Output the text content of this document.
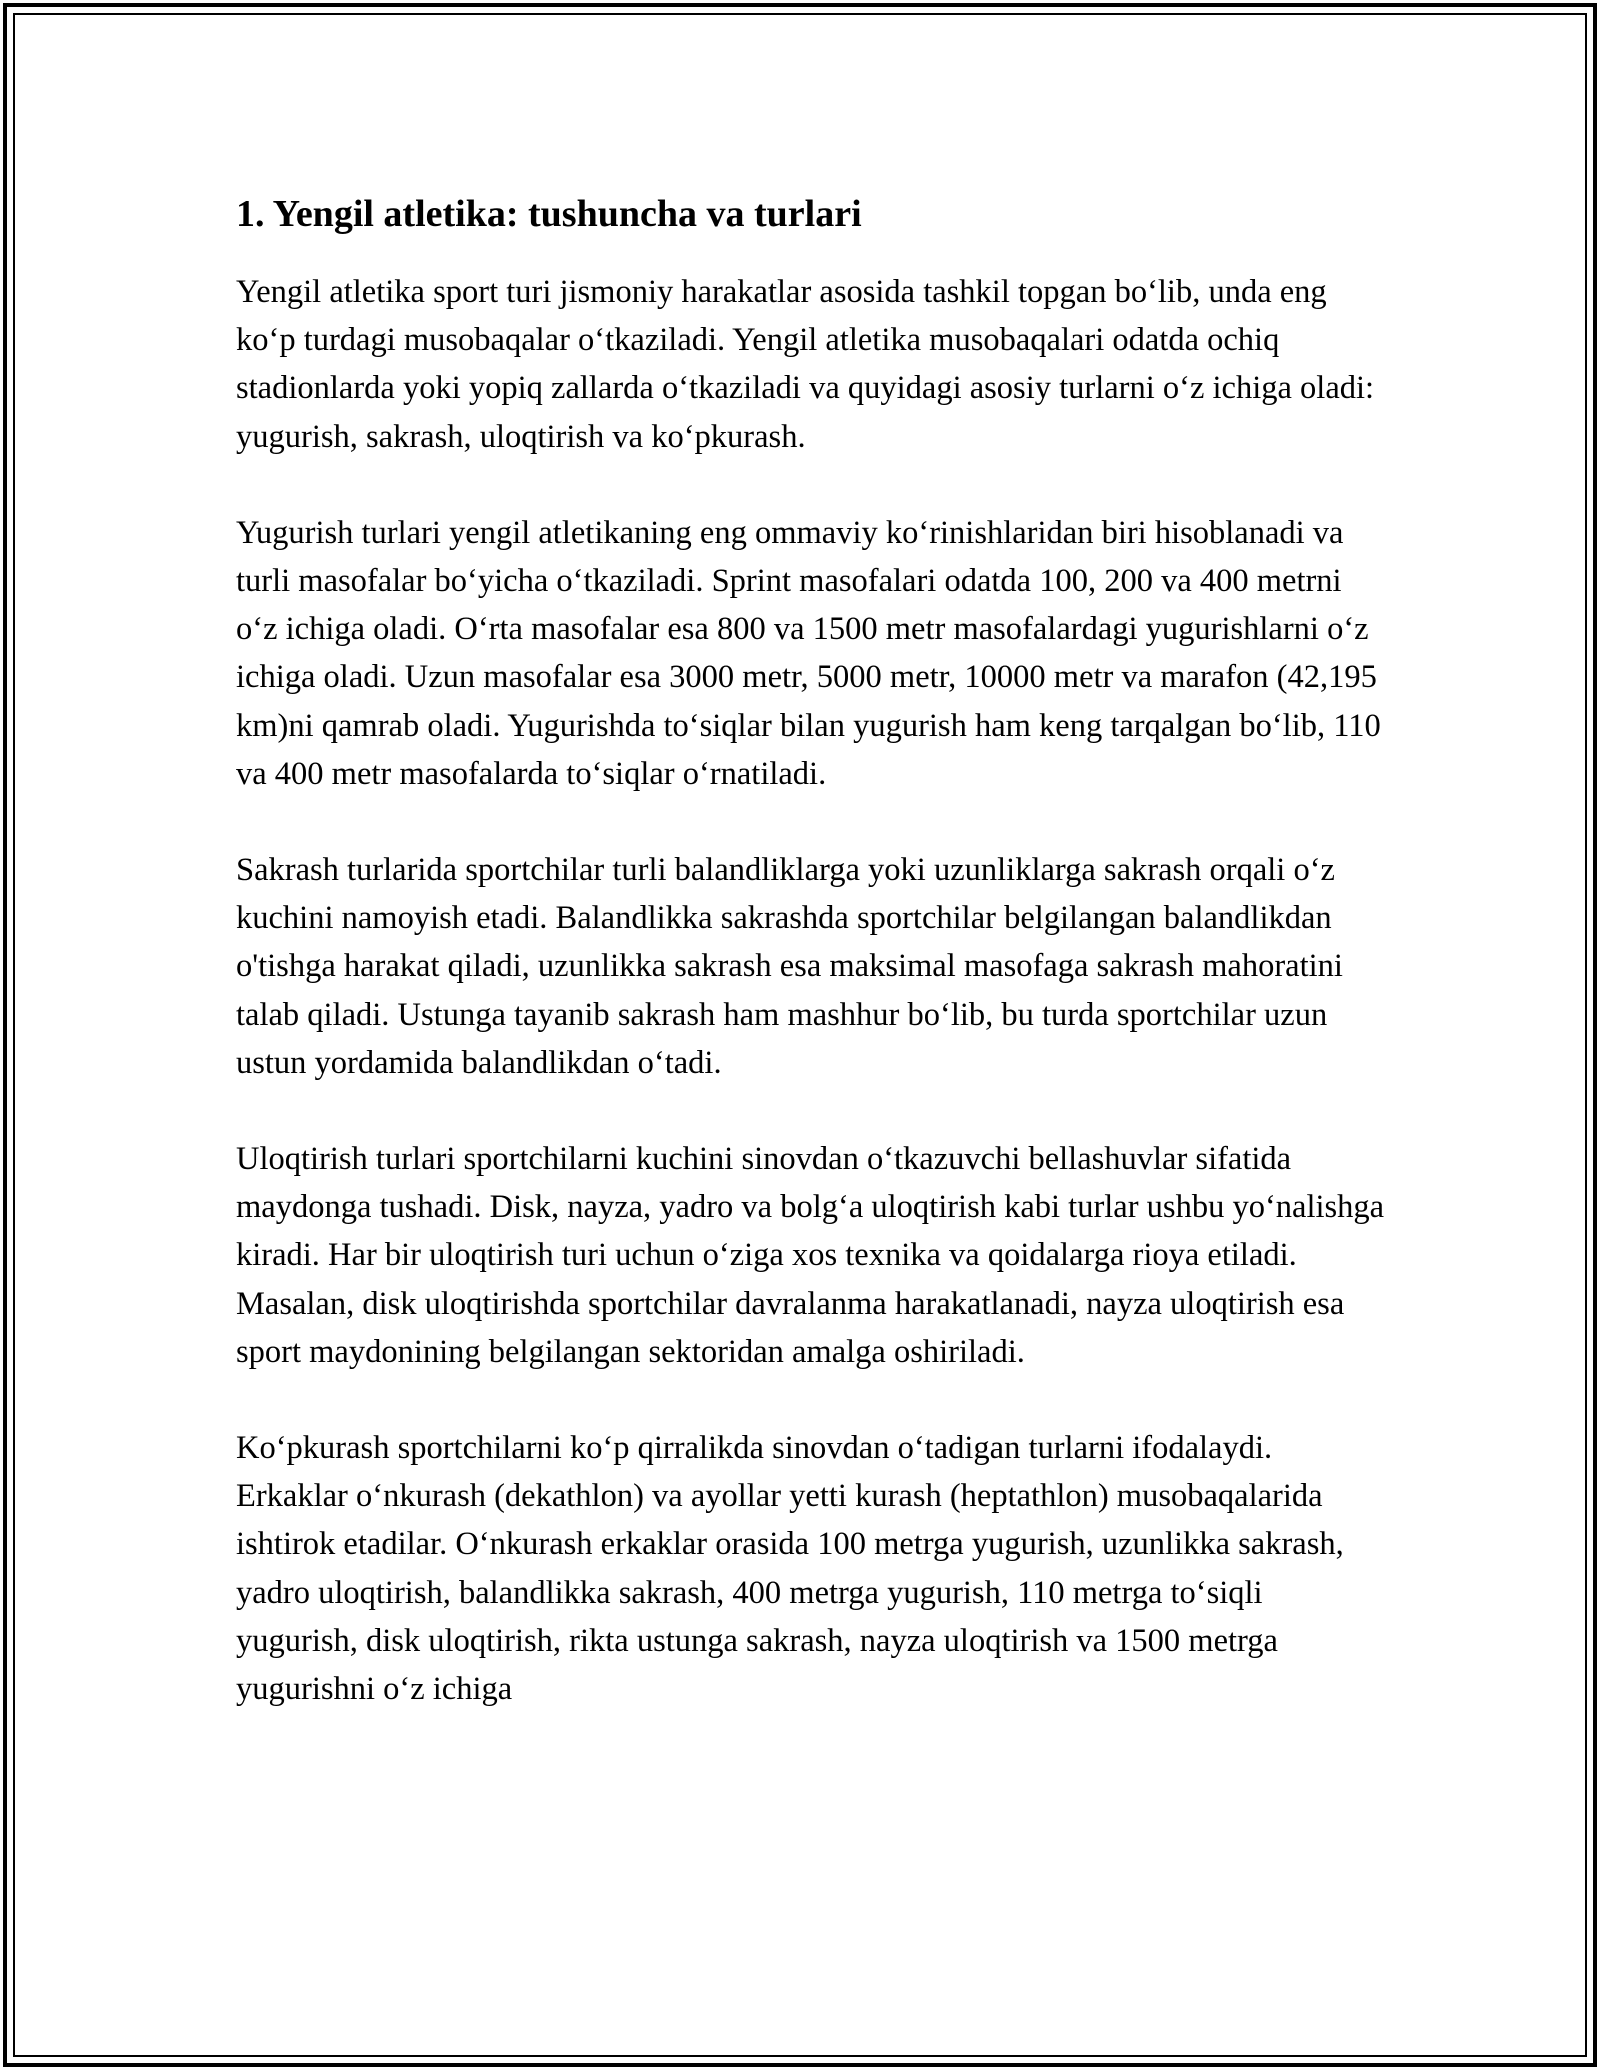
1. Yengil atletika: tushuncha va turlari

Yengil atletika sport turi jismoniy harakatlar asosida tashkil topgan bo‘lib, unda eng ko‘p turdagi musobaqalar o‘tkaziladi. Yengil atletika musobaqalari odatda ochiq stadionlarda yoki yopiq zallarda o‘tkaziladi va quyidagi asosiy turlarni o‘z ichiga oladi: yugurish, sakrash, uloqtirish va ko‘pkurash.

Yugurish turlari yengil atletikaning eng ommaviy ko‘rinishlaridan biri hisoblanadi va turli masofalar bo‘yicha o‘tkaziladi. Sprint masofalari odatda 100, 200 va 400 metrni o‘z ichiga oladi. O‘rta masofalar esa 800 va 1500 metr masofalardagi yugurishlarni o‘z ichiga oladi. Uzun masofalar esa 3000 metr, 5000 metr, 10000 metr va marafon (42,195 km)ni qamrab oladi. Yugurishda to‘siqlar bilan yugurish ham keng tarqalgan bo‘lib, 110 va 400 metr masofalarda to‘siqlar o‘rnatiladi.

Sakrash turlarida sportchilar turli balandliklarga yoki uzunliklarga sakrash orqali o‘z kuchini namoyish etadi. Balandlikka sakrashda sportchilar belgilangan balandlikdan o'tishga harakat qiladi, uzunlikka sakrash esa maksimal masofaga sakrash mahoratini talab qiladi. Ustunga tayanib sakrash ham mashhur bo‘lib, bu turda sportchilar uzun ustun yordamida balandlikdan o‘tadi.

Uloqtirish turlari sportchilarni kuchini sinovdan o‘tkazuvchi bellashuvlar sifatida maydonga tushadi. Disk, nayza, yadro va bolg‘a uloqtirish kabi turlar ushbu yo‘nalishga kiradi. Har bir uloqtirish turi uchun o‘ziga xos texnika va qoidalarga rioya etiladi. Masalan, disk uloqtirishda sportchilar davralanma harakatlanadi, nayza uloqtirish esa sport maydonining belgilangan sektoridan amalga oshiriladi.

Ko‘pkurash sportchilarni ko‘p qirralikda sinovdan o‘tadigan turlarni ifodalaydi. Erkaklar o‘nkurash (dekathlon) va ayollar yetti kurash (heptathlon) musobaqalarida ishtirok etadilar. O‘nkurash erkaklar orasida 100 metrga yugurish, uzunlikka sakrash, yadro uloqtirish, balandlikka sakrash, 400 metrga yugurish, 110 metrga to‘siqli yugurish, disk uloqtirish, rikta ustunga sakrash, nayza uloqtirish va 1500 metrga yugurishni o‘z ichiga
